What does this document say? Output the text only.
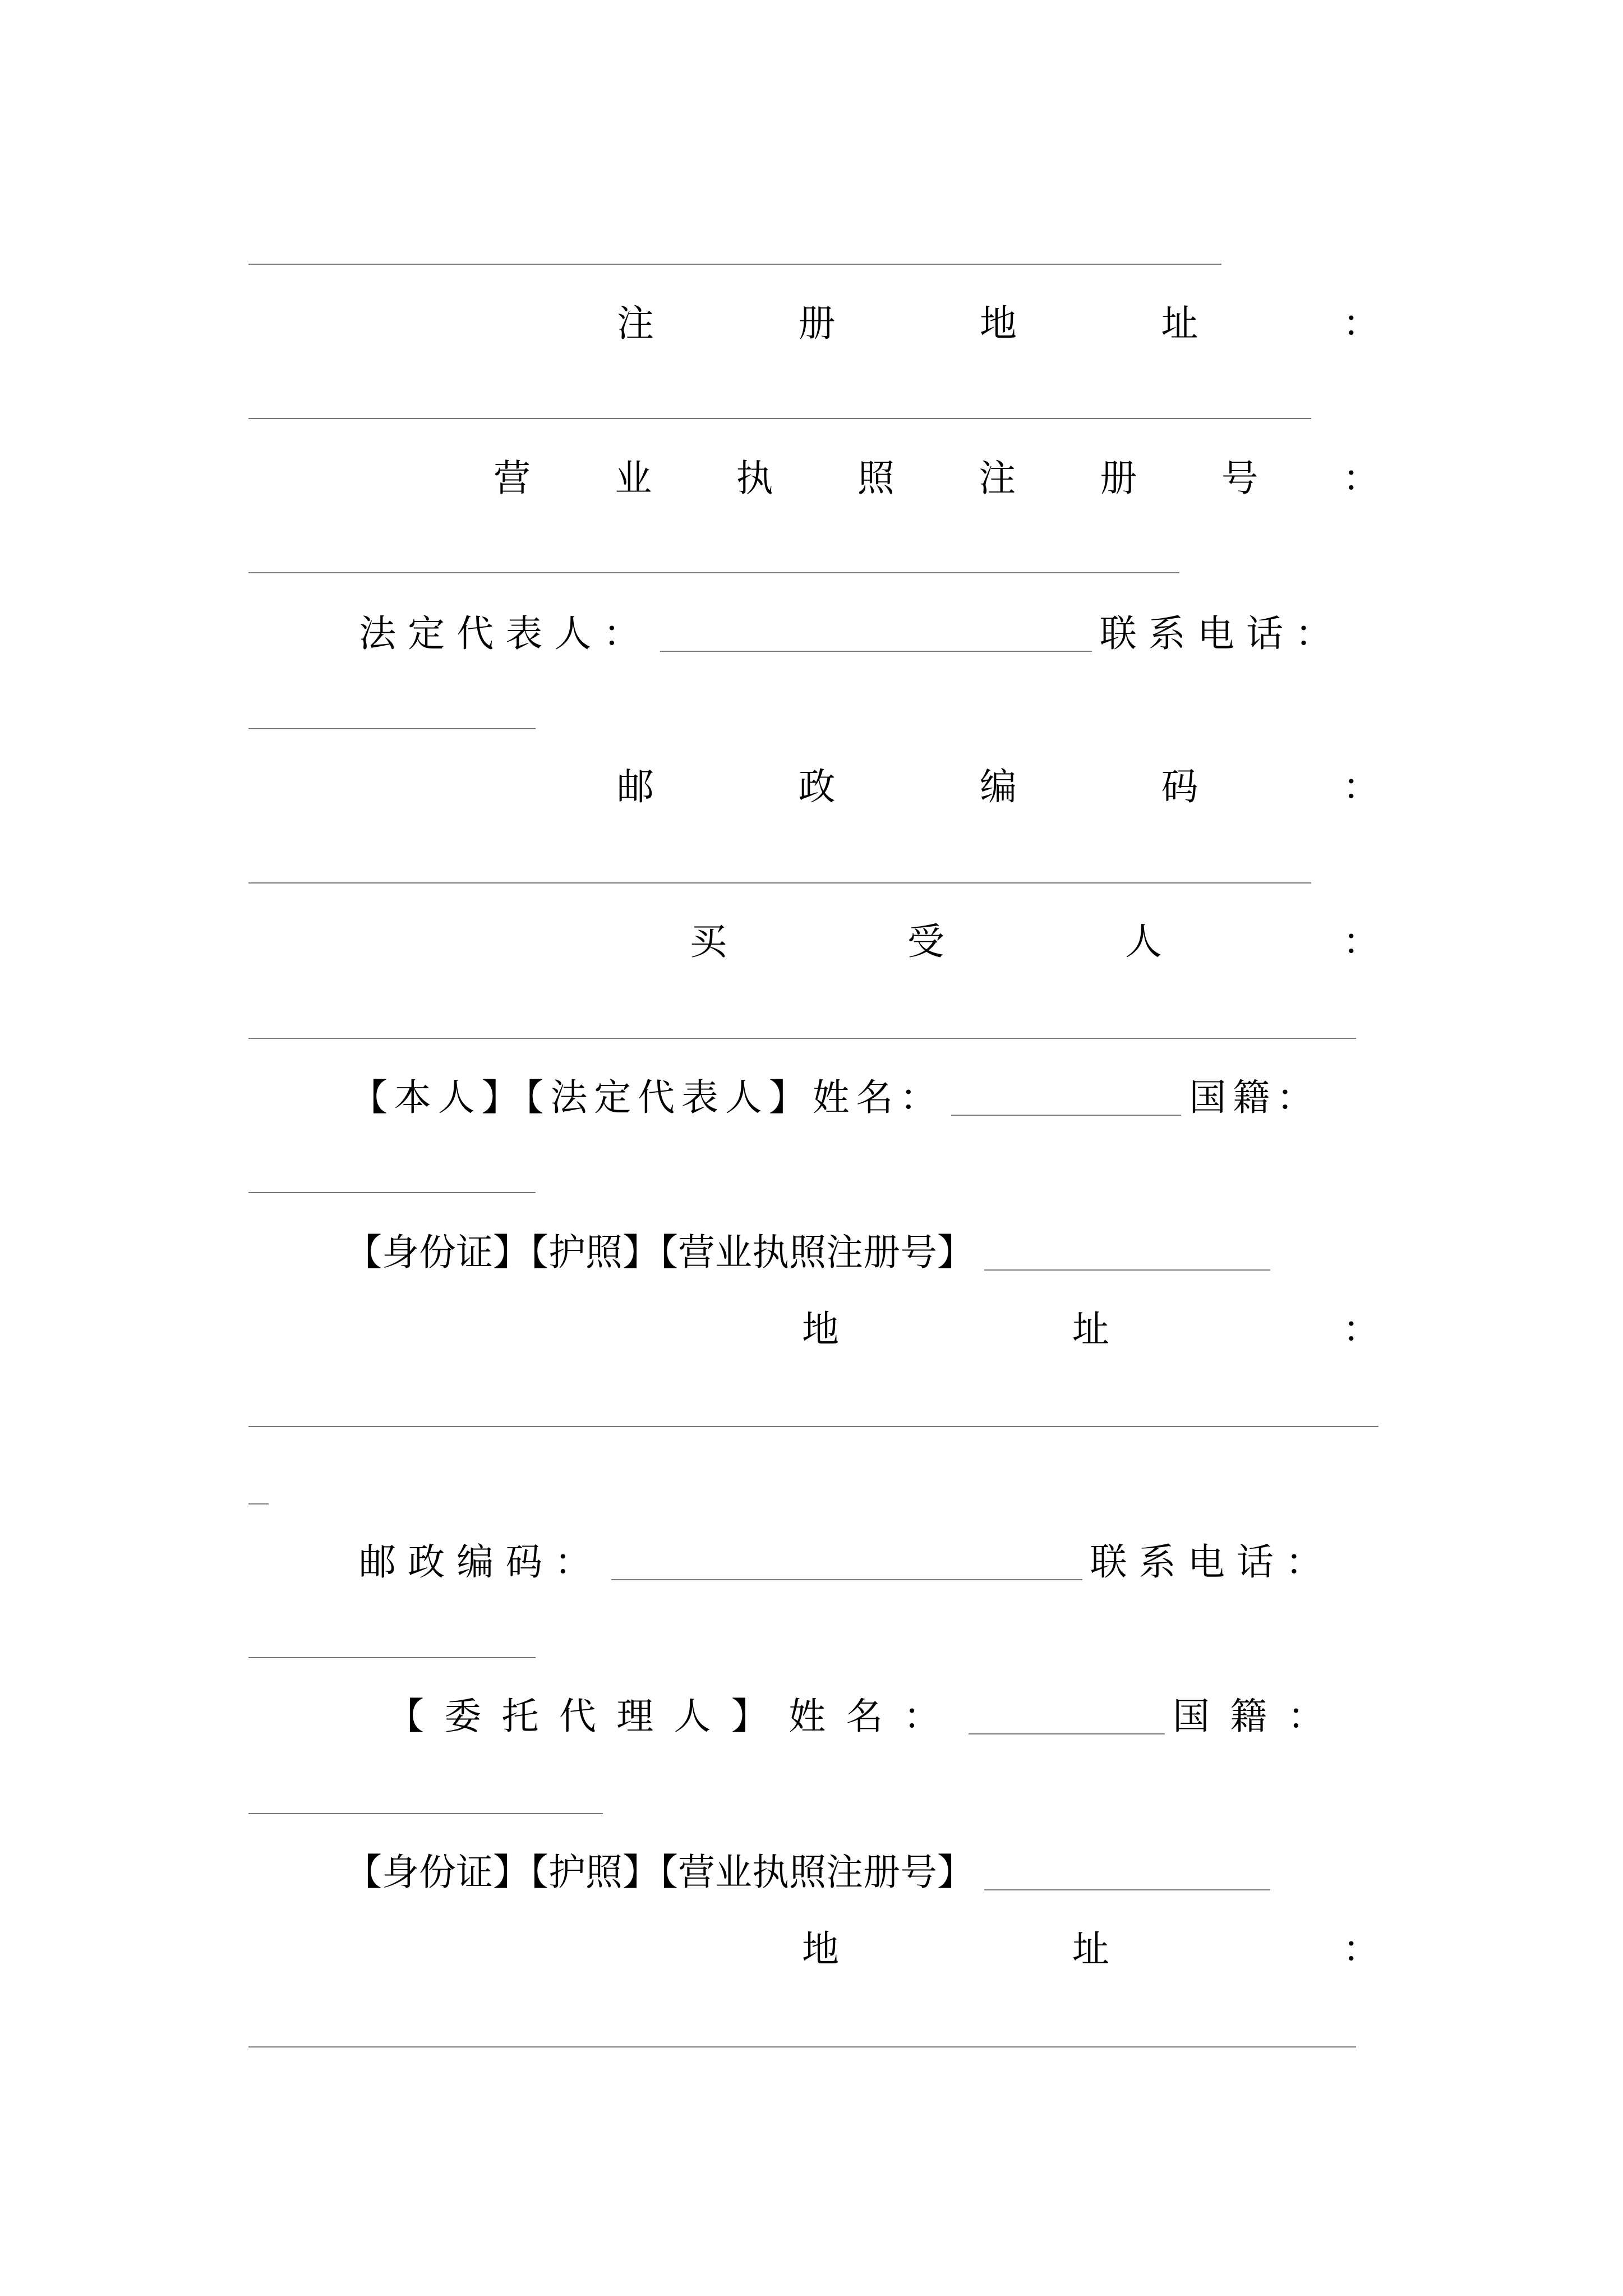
注	册	地	址	：
营 业 执 照 注 册 号 ：
法定代表人：	联系电话：
邮	政	编	码	：
买	受	人	：
【本人】【法定代表人】姓名：	国籍：
【身份证】【护照】【营业执照注册号】
地	址	：
邮政编码：	联系电话：
【委托代理人】姓名：	国籍：
【身份证】【护照】【营业执照注册号】
地	址	：
